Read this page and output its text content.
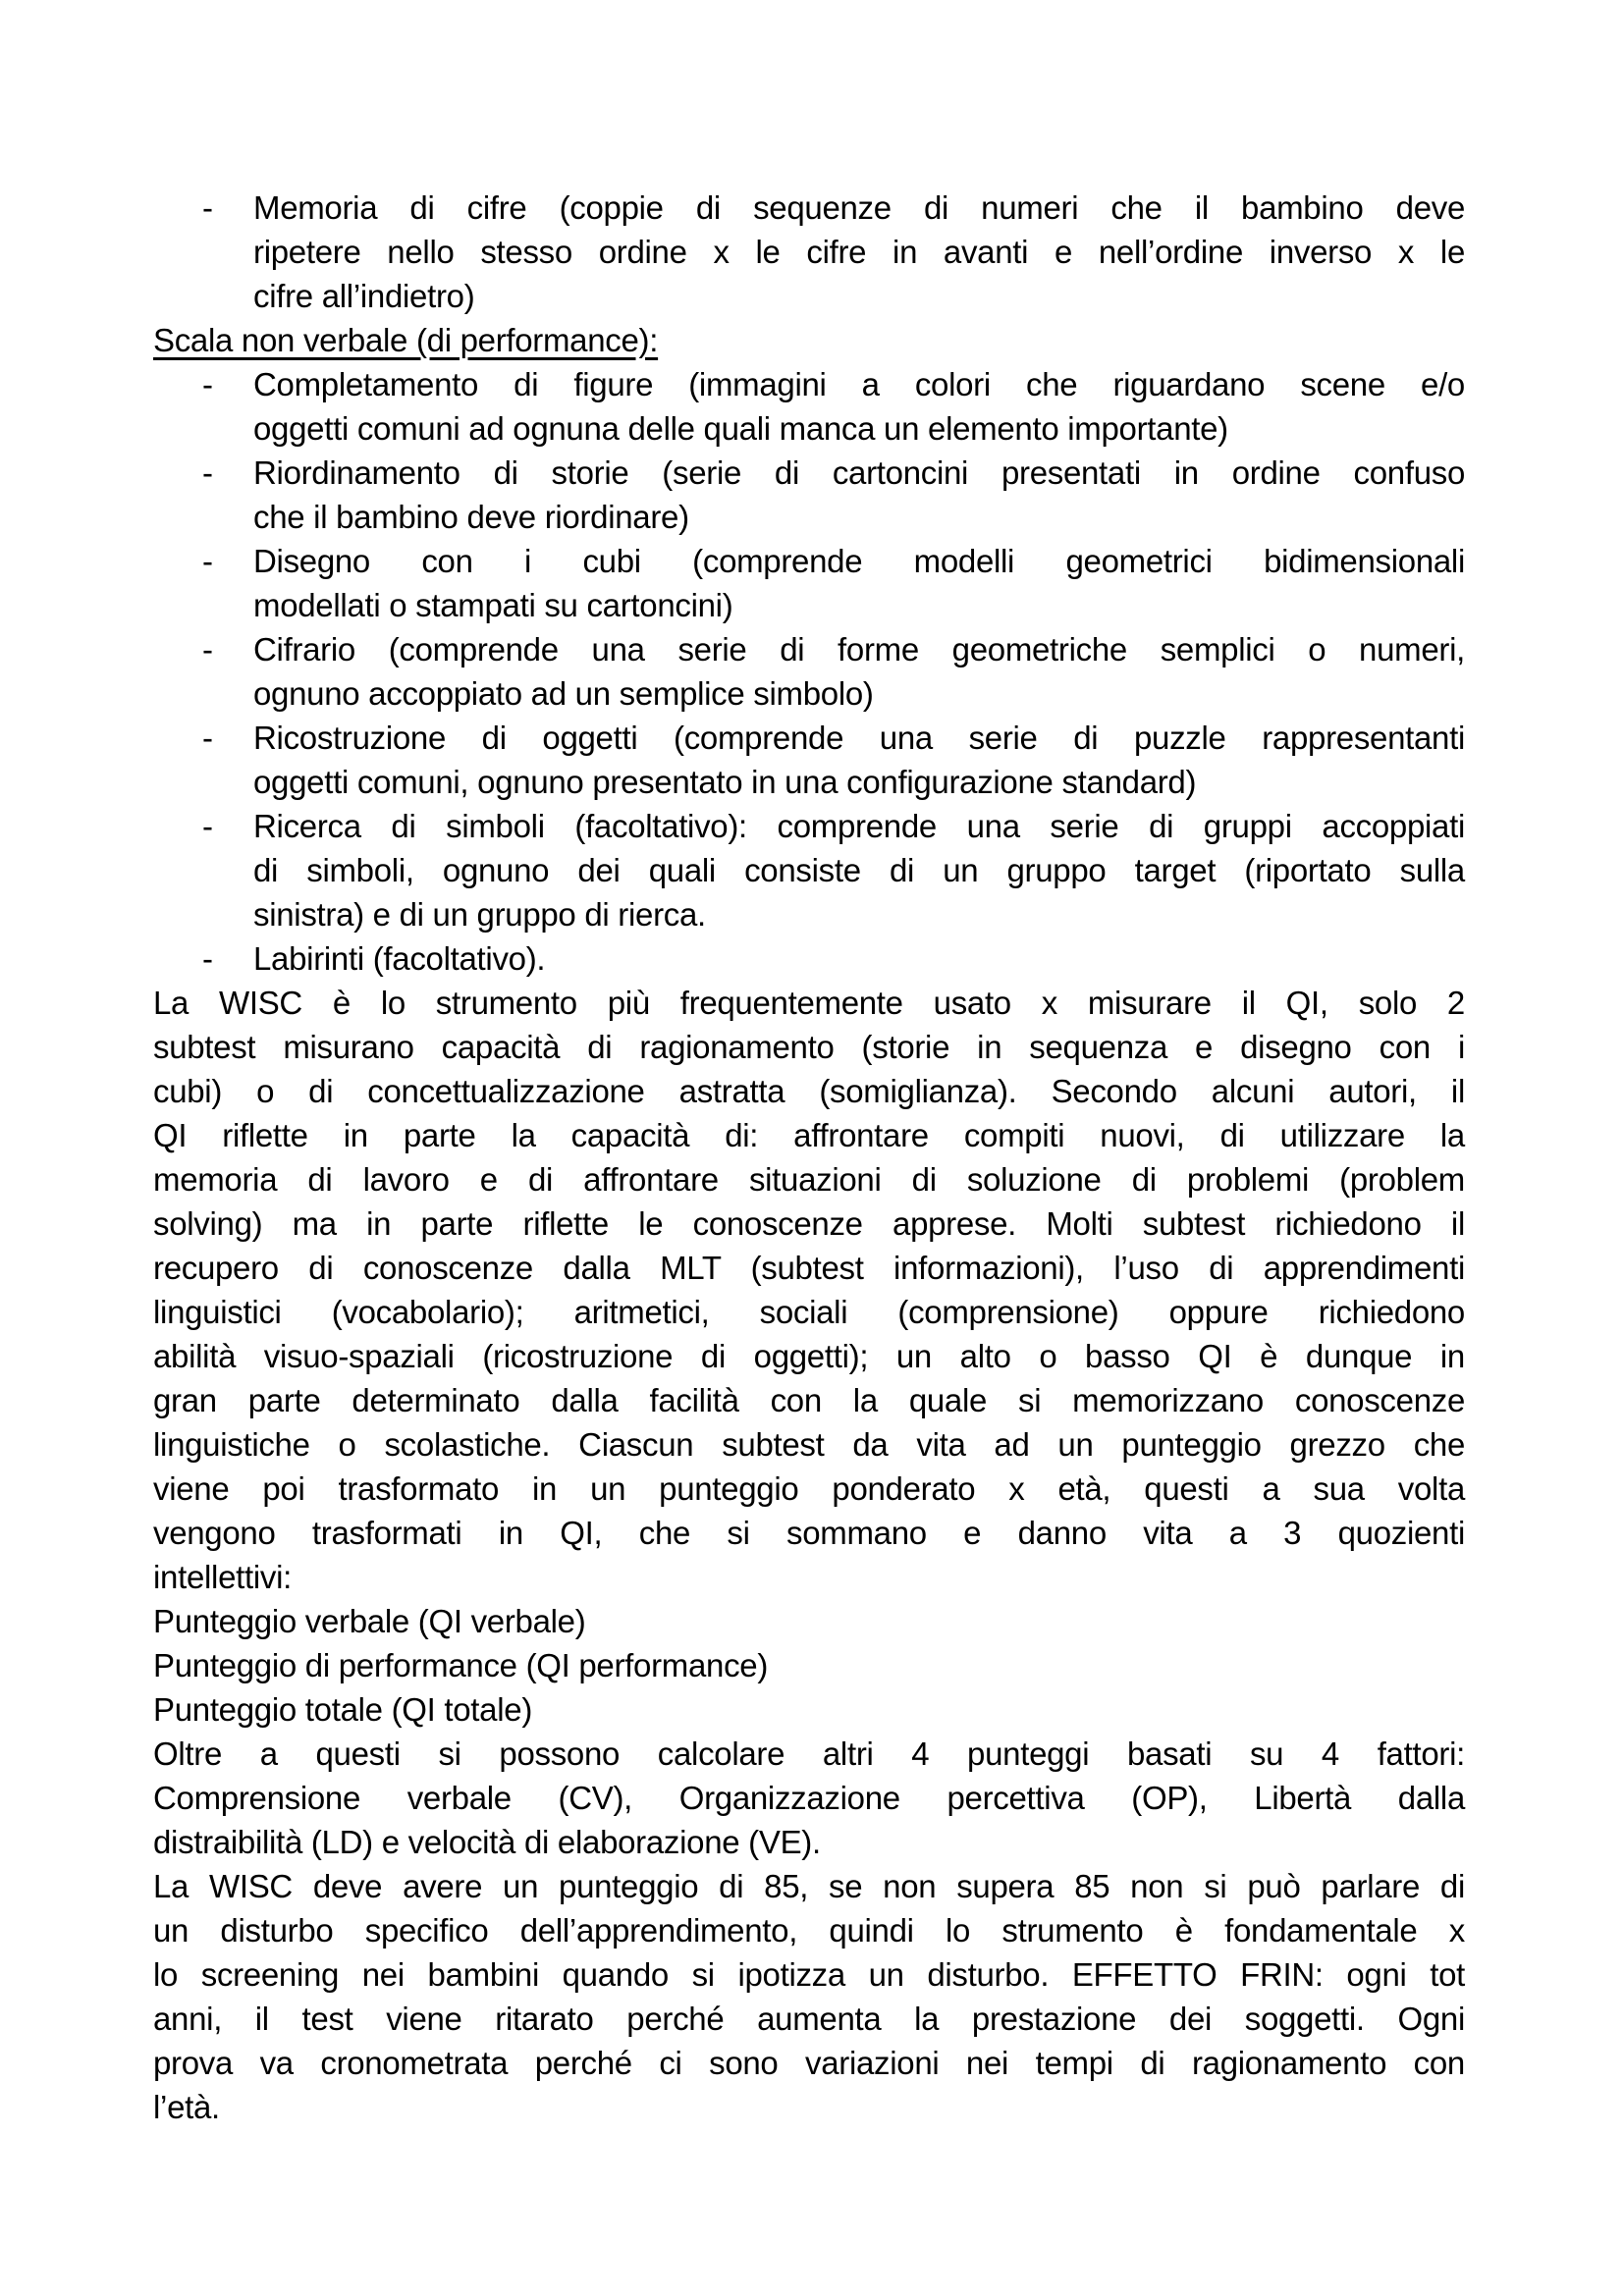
- Memoria di cifre (coppie di sequenze di numeri che il bambino deve
ripetere nello stesso ordine x le cifre in avanti e nell’ordine inverso x le
cifre all’indietro)
Scala non verbale (di performance):
- Completamento di figure (immagini a colori che riguardano scene e/o
oggetti comuni ad ognuna delle quali manca un elemento importante)
- Riordinamento di storie (serie di cartoncini presentati in ordine confuso
che il bambino deve riordinare)
- Disegno con i cubi (comprende modelli geometrici bidimensionali
modellati o stampati su cartoncini)
- Cifrario (comprende una serie di forme geometriche semplici o numeri,
ognuno accoppiato ad un semplice simbolo)
- Ricostruzione di oggetti (comprende una serie di puzzle rappresentanti
oggetti comuni, ognuno presentato in una configurazione standard)
- Ricerca di simboli (facoltativo): comprende una serie di gruppi accoppiati
di simboli, ognuno dei quali consiste di un gruppo target (riportato sulla
sinistra) e di un gruppo di rierca.
- Labirinti (facoltativo).
La WISC è lo strumento più frequentemente usato x misurare il QI, solo 2
subtest misurano capacità di ragionamento (storie in sequenza e disegno con i
cubi) o di concettualizzazione astratta (somiglianza). Secondo alcuni autori, il
QI riflette in parte la capacità di: affrontare compiti nuovi, di utilizzare la
memoria di lavoro e di affrontare situazioni di soluzione di problemi (problem
solving) ma in parte riflette le conoscenze apprese. Molti subtest richiedono il
recupero di conoscenze dalla MLT (subtest informazioni), l’uso di apprendimenti
linguistici (vocabolario); aritmetici, sociali (comprensione) oppure richiedono
abilità visuo-spaziali (ricostruzione di oggetti); un alto o basso QI è dunque in
gran parte determinato dalla facilità con la quale si memorizzano conoscenze
linguistiche o scolastiche. Ciascun subtest da vita ad un punteggio grezzo che
viene poi trasformato in un punteggio ponderato x età, questi a sua volta
vengono trasformati in QI, che si sommano e danno vita a 3 quozienti
intellettivi:
Punteggio verbale (QI verbale)
Punteggio di performance (QI performance)
Punteggio totale (QI totale)
Oltre a questi si possono calcolare altri 4 punteggi basati su 4 fattori:
Comprensione verbale (CV), Organizzazione percettiva (OP), Libertà dalla
distraibilità (LD) e velocità di elaborazione (VE).
La WISC deve avere un punteggio di 85, se non supera 85 non si può parlare di
un disturbo specifico dell’apprendimento, quindi lo strumento è fondamentale x
lo screening nei bambini quando si ipotizza un disturbo. EFFETTO FRIN: ogni tot
anni, il test viene ritarato perché aumenta la prestazione dei soggetti. Ogni
prova va cronometrata perché ci sono variazioni nei tempi di ragionamento con
l’età.
